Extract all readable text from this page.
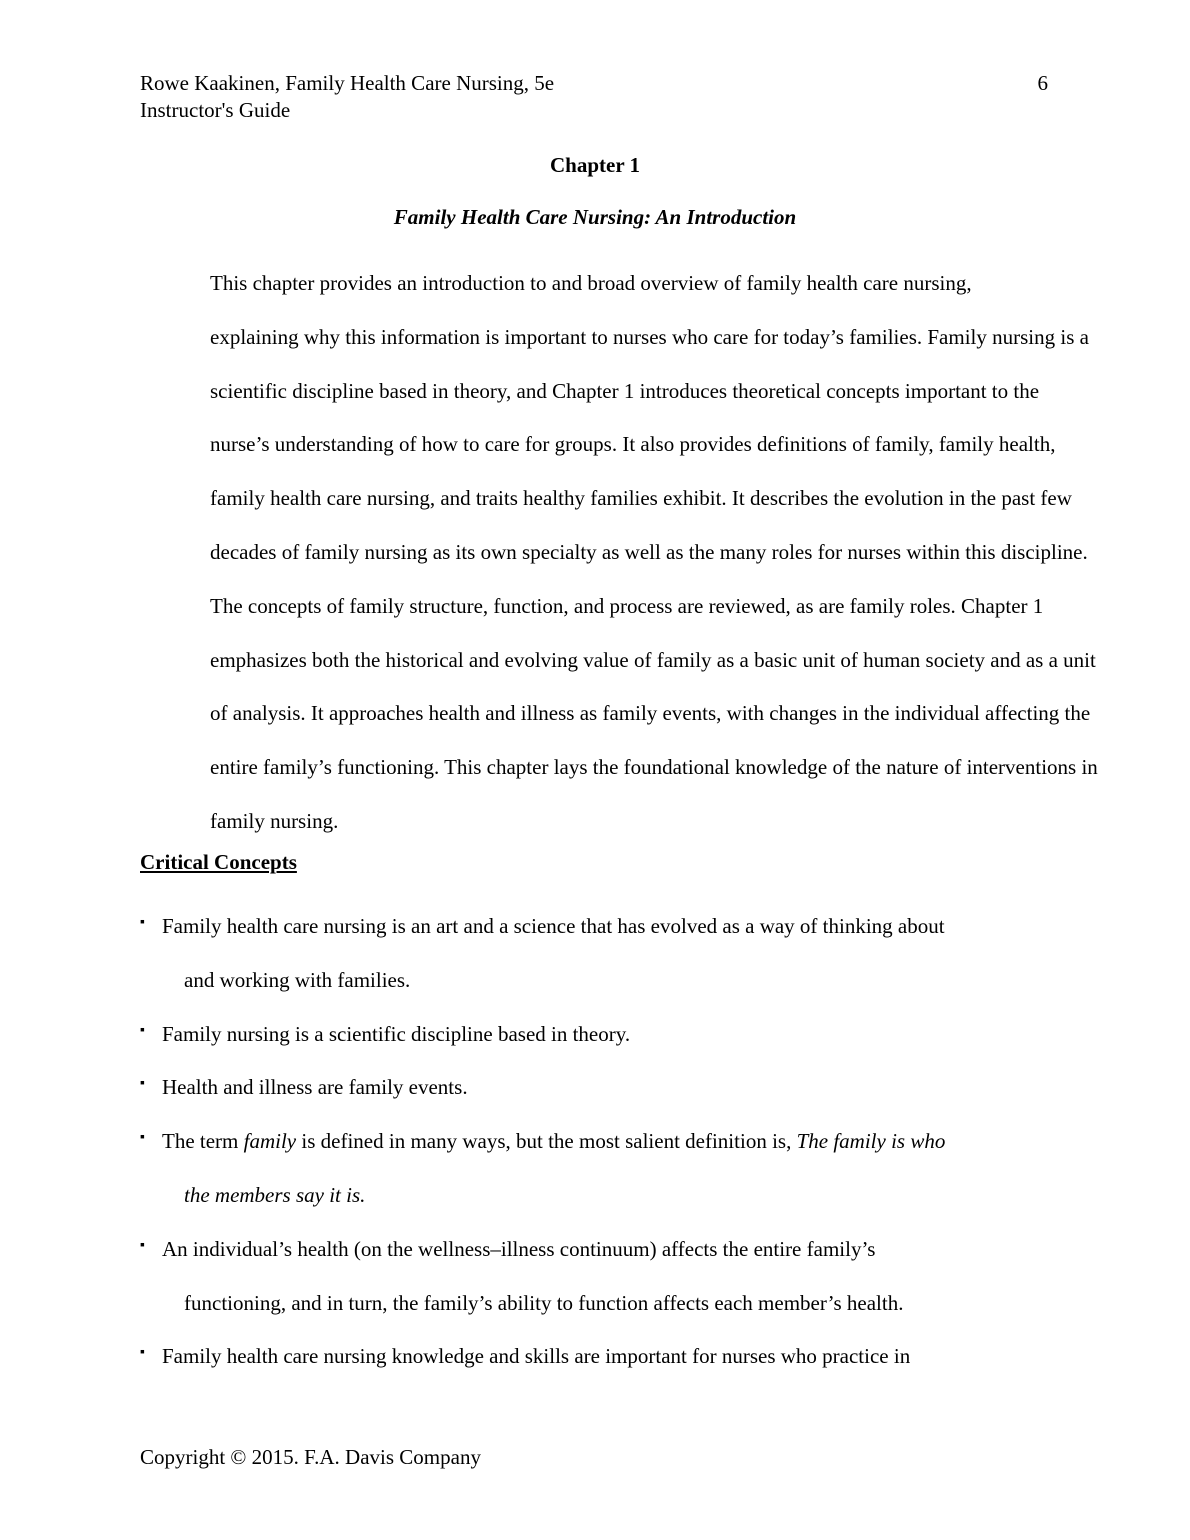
Rowe Kaakinen, Family Health Care Nursing, 5e	6
Instructor's Guide
Chapter 1
Family Health Care Nursing: An Introduction

This chapter provides an introduction to and broad overview of family health care nursing,
explaining why this information is important to nurses who care for today’s families. Family nursing is a
scientific discipline based in theory, and Chapter 1 introduces theoretical concepts important to the
nurse’s understanding of how to care for groups. It also provides definitions of family, family health,
family health care nursing, and traits healthy families exhibit. It describes the evolution in the past few
decades of family nursing as its own specialty as well as the many roles for nurses within this discipline.
The concepts of family structure, function, and process are reviewed, as are family roles. Chapter 1
emphasizes both the historical and evolving value of family as a basic unit of human society and as a unit
of analysis. It approaches health and illness as family events, with changes in the individual affecting the
entire family’s functioning. This chapter lays the foundational knowledge of the nature of interventions in
family nursing.

Critical Concepts
▪ Family health care nursing is an art and a science that has evolved as a way of thinking about
and working with families.
▪ Family nursing is a scientific discipline based in theory.
▪ Health and illness are family events.
▪ The term family is defined in many ways, but the most salient definition is, The family is who
the members say it is.
▪ An individual’s health (on the wellness–illness continuum) affects the entire family’s
functioning, and in turn, the family’s ability to function affects each member’s health.
▪ Family health care nursing knowledge and skills are important for nurses who practice in
Copyright © 2015. F.A. Davis Company
